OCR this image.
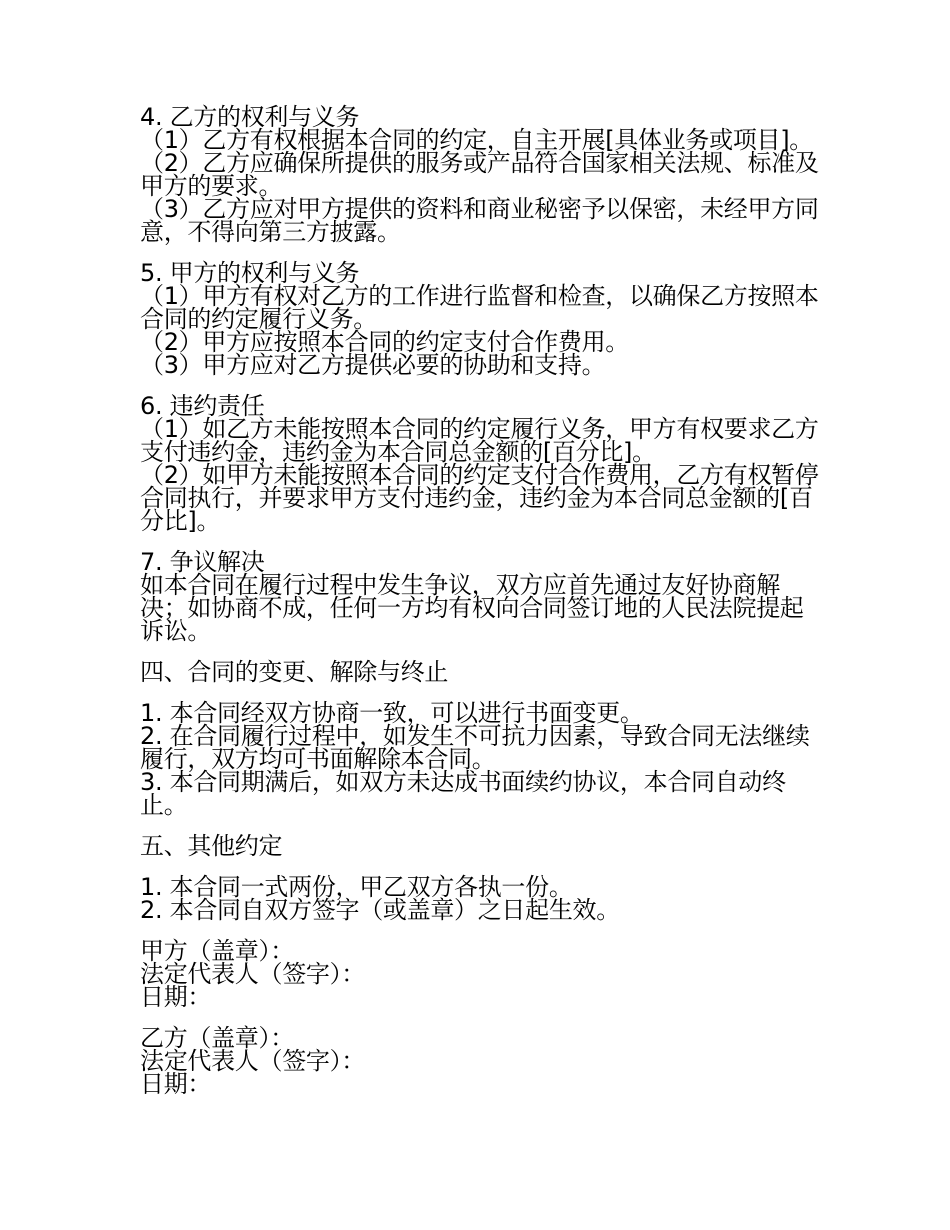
4. 乙方的权利与义务
（1）乙方有权根据本合同的约定，自主开展[具体业务或项目]。
（2）乙方应确保所提供的服务或产品符合国家相关法规、标准及甲方的要求。
（3）乙方应对甲方提供的资料和商业秘密予以保密，未经甲方同意，不得向第三方披露。
5. 甲方的权利与义务
（1）甲方有权对乙方的工作进行监督和检查，以确保乙方按照本合同的约定履行义务。
（2）甲方应按照本合同的约定支付合作费用。
（3）甲方应对乙方提供必要的协助和支持。
6. 违约责任
（1）如乙方未能按照本合同的约定履行义务，甲方有权要求乙方支付违约金，违约金为本合同总金额的[百分比]。
（2）如甲方未能按照本合同的约定支付合作费用，乙方有权暂停合同执行，并要求甲方支付违约金，违约金为本合同总金额的[百分比]。
7. 争议解决
如本合同在履行过程中发生争议，双方应首先通过友好协商解决；如协商不成，任何一方均有权向合同签订地的人民法院提起诉讼。
四、合同的变更、解除与终止
1. 本合同经双方协商一致，可以进行书面变更。
2. 在合同履行过程中，如发生不可抗力因素，导致合同无法继续履行，双方均可书面解除本合同。
3. 本合同期满后，如双方未达成书面续约协议，本合同自动终止。
五、其他约定
1. 本合同一式两份，甲乙双方各执一份。
2. 本合同自双方签字（或盖章）之日起生效。
甲方（盖章）：
法定代表人（签字）：
日期：
乙方（盖章）：
法定代表人（签字）：
日期：
